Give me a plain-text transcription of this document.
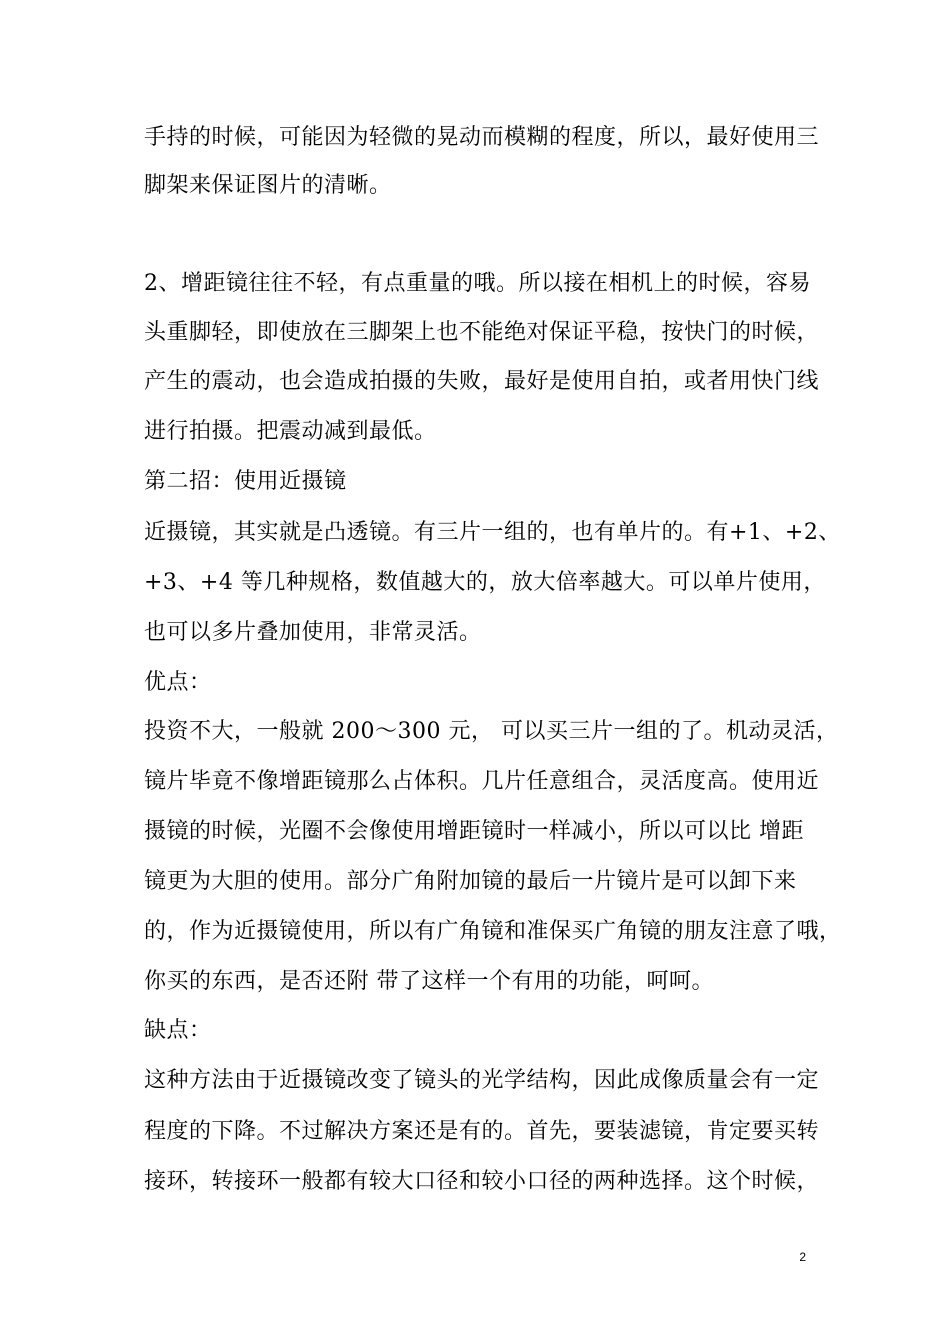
手持的时候，可能因为轻微的晃动而模糊的程度，所以，最好使用三
脚架来保证图片的清晰。
2、增距镜往往不轻，有点重量的哦。所以接在相机上的时候，容易
头重脚轻，即使放在三脚架上也不能绝对保证平稳，按快门的时候，
产生的震动，也会造成拍摄的失败，最好是使用自拍，或者用快门线
进行拍摄。把震动减到最低。
第二招：使用近摄镜
近摄镜，其实就是凸透镜。有三片一组的，也有单片的。有+1、+2、
+3、+4 等几种规格，数值越大的，放大倍率越大。可以单片使用，
也可以多片叠加使用，非常灵活。
优点：
投资不大，一般就 200～300 元， 可以买三片一组的了。机动灵活，
镜片毕竟不像增距镜那么占体积。几片任意组合，灵活度高。使用近
摄镜的时候，光圈不会像使用增距镜时一样减小，所以可以比 增距
镜更为大胆的使用。部分广角附加镜的最后一片镜片是可以卸下来
的，作为近摄镜使用，所以有广角镜和准保买广角镜的朋友注意了哦，
你买的东西，是否还附 带了这样一个有用的功能，呵呵。
缺点：
这种方法由于近摄镜改变了镜头的光学结构，因此成像质量会有一定
程度的下降。不过解决方案还是有的。首先，要装滤镜，肯定要买转
接环，转接环一般都有较大口径和较小口径的两种选择。这个时候，
2
